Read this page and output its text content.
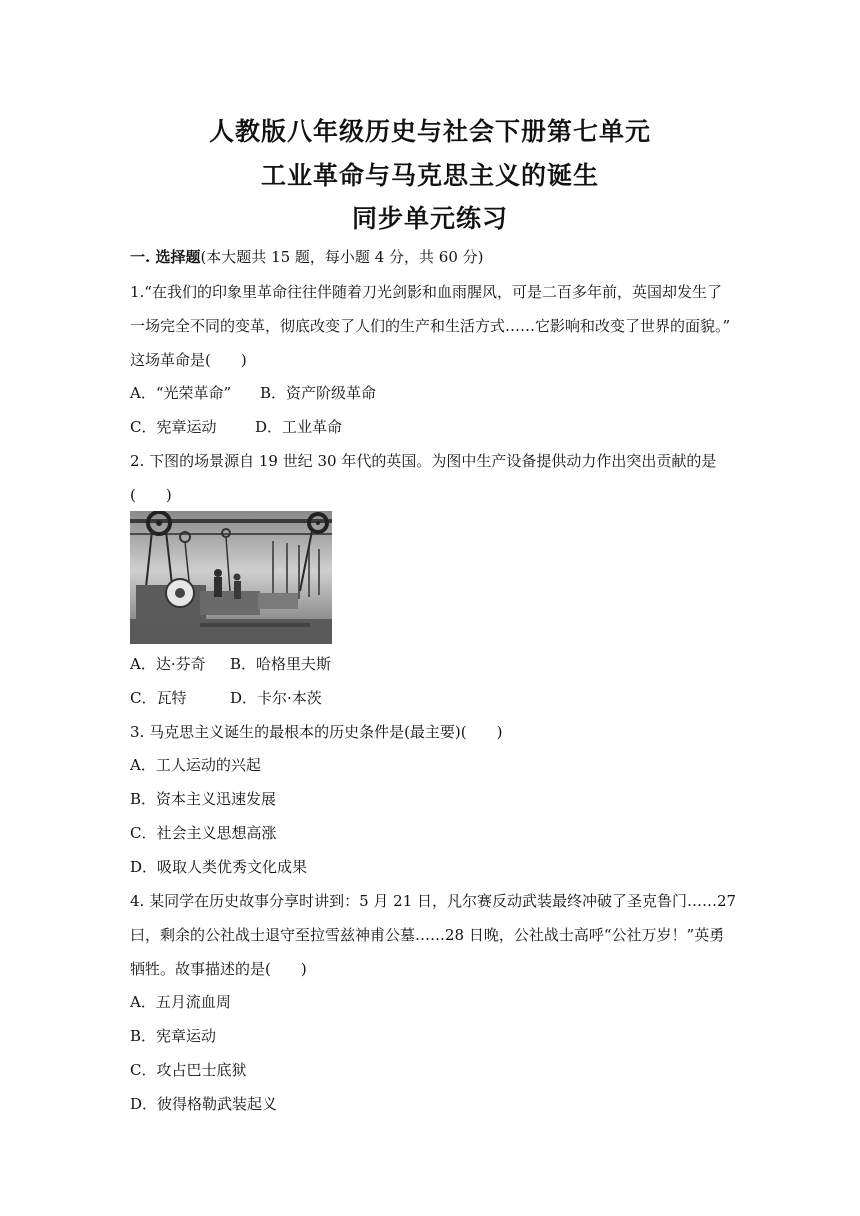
人教版八年级历史与社会下册第七单元
工业革命与马克思主义的诞生
同步单元练习
一. 选择题(本大题共 15 题，每小题 4 分，共 60 分)
1.“在我们的印象里革命往往伴随着刀光剑影和血雨腥风，可是二百多年前，英国却发生了
一场完全不同的变革，彻底改变了人们的生产和生活方式……它影响和改变了世界的面貌。”
这场革命是(　　)
A．“光荣革命”	B．资产阶级革命
C．宪章运动	D．工业革命
2. 下图的场景源自 19 世纪 30 年代的英国。为图中生产设备提供动力作出突出贡献的是
(　　)
A．达·芬奇	B．哈格里夫斯
C．瓦特	D．卡尔·本茨
3. 马克思主义诞生的最根本的历史条件是(最主要)(　　)
A．工人运动的兴起
B．资本主义迅速发展
C．社会主义思想高涨
D．吸取人类优秀文化成果
4. 某同学在历史故事分享时讲到：5 月 21 日，凡尔赛反动武装最终冲破了圣克鲁门……27
曰，剩余的公社战士退守至拉雪兹神甫公墓……28 日晚，公社战士高呼“公社万岁！”英勇
牺牲。故事描述的是(　　)
A．五月流血周
B．宪章运动
C．攻占巴士底狱
D．彼得格勒武装起义
